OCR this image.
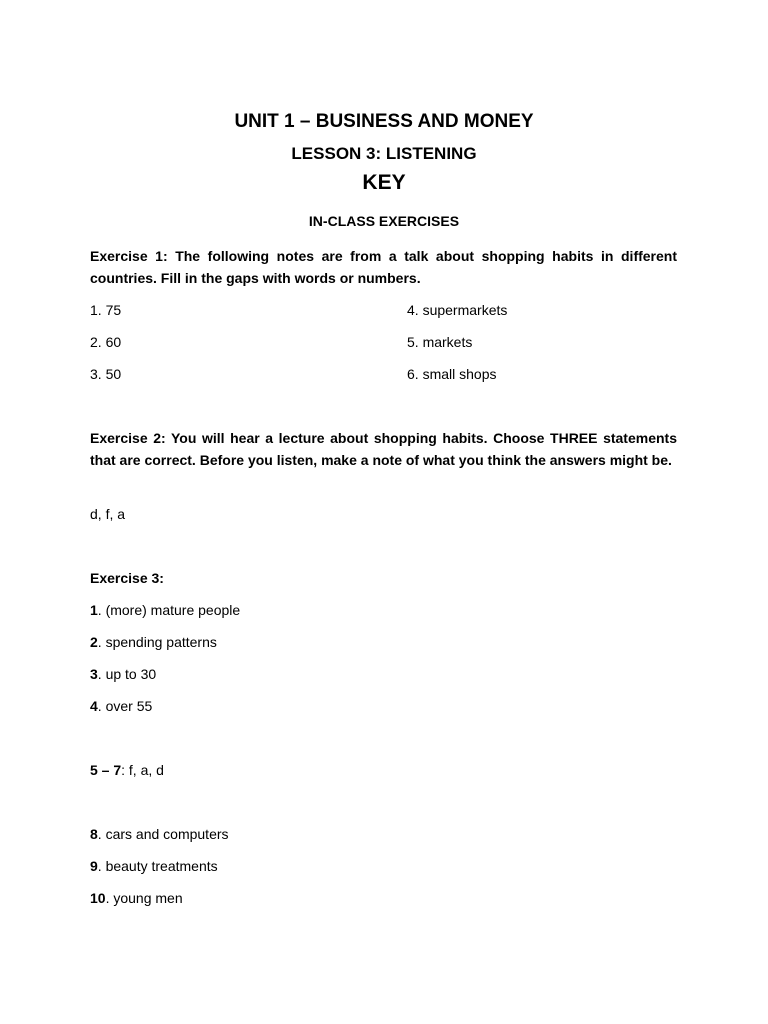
UNIT 1 – BUSINESS AND MONEY
LESSON 3: LISTENING
KEY
IN-CLASS EXERCISES
Exercise 1: The following notes are from a talk about shopping habits in different countries. Fill in the gaps with words or numbers.
1. 75
2. 60
3. 50
4. supermarkets
5. markets
6. small shops
Exercise 2: You will hear a lecture about shopping habits. Choose THREE statements that are correct. Before you listen, make a note of what you think the answers might be.
d, f, a
Exercise 3:
1. (more) mature people
2. spending patterns
3. up to 30
4. over 55
5 – 7: f, a, d
8. cars and computers
9. beauty treatments
10. young men
